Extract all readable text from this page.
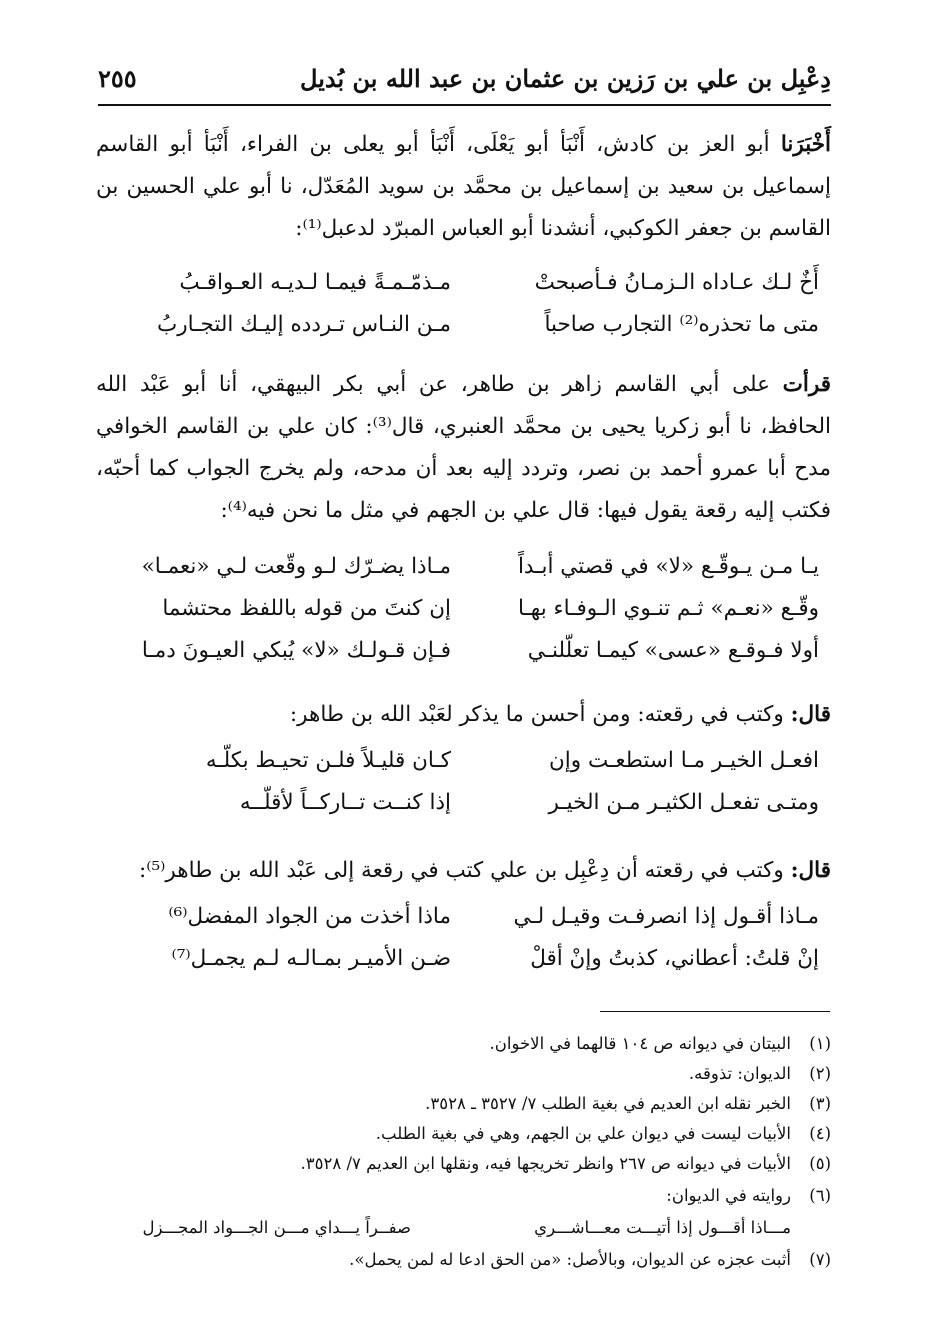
دِعْبِل بن علي بن رَزين بن عثمان بن عبد الله بن بُديل
٢٥٥
أَخْبَرَنا أبو العز بن كادش، أَنْبَأ أبو يَعْلَى، أَنْبَأ أبو يعلى بن الفراء، أَنْبَأ أبو القاسم
إسماعيل بن سعيد بن إسماعيل بن محمَّد بن سويد المُعَدّل، نا أبو علي الحسين بن
القاسم بن جعفر الكوكبي، أنشدنا أبو العباس المبرّد لدعبل⁽¹⁾:
أَخٌ لـك عـاداه الـزمـانُ فـأصبحتْ
مـذمّـمـةً فيمـا لـديـه العـواقـبُ
متى ما تحذره⁽²⁾ التجارب صاحباً
مـن النـاس تـردده إليـك التجـاربُ
قرأت على أبي القاسم زاهر بن طاهر، عن أبي بكر البيهقي، أنا أبو عَبْد الله
الحافظ، نا أبو زكريا يحيى بن محمَّد العنبري، قال⁽³⁾: كان علي بن القاسم الخوافي
مدح أبا عمرو أحمد بن نصر، وتردد إليه بعد أن مدحه، ولم يخرج الجواب كما أحبّه،
فكتب إليه رقعة يقول فيها: قال علي بن الجهم في مثل ما نحن فيه⁽⁴⁾:
يـا مـن يـوقّـع «لا» في قصتي أبـداً
مـاذا يضـرّك لـو وقّعت لـي «نعمـا»
وقّـع «نعـم» ثـم تنـوي الـوفـاء بهـا
إن كنتَ من قوله باللفظ محتشما
أولا فـوقـع «عسى» كيمـا تعلّلنـي
فـإن قـولـك «لا» يُبكي العيـونَ دمـا
قال: وكتب في رقعته: ومن أحسن ما يذكر لعَبْد الله بن طاهر:
افعـل الخيـر مـا استطعـت وإن
كـان قليـلاً فلـن تحيـط بكلّـه
ومتـى تفعـل الكثيـر مـن الخيـر
إذا كنــت تــاركــاً لأقلّــه
قال: وكتب في رقعته أن دِعْبِل بن علي كتب في رقعة إلى عَبْد الله بن طاهر⁽⁵⁾:
مـاذا أقـول إذا انصرفـت وقيـل لـي
ماذا أخذت من الجواد المفضل⁽⁶⁾
إنْ قلتُ: أعطاني، كذبتُ وإنْ أقلْ
ضـن الأميـر بمـالـه لـم يجمـل⁽⁷⁾
(١)
البيتان في ديوانه ص ١٠٤ قالهما في الاخوان.
(٢)
الديوان: تذوقه.
(٣)
الخبر نقله ابن العديم في بغية الطلب ٧/ ٣٥٢٧ ـ ٣٥٢٨.
(٤)
الأبيات ليست في ديوان علي بن الجهم، وهي في بغية الطلب.
(٥)
الأبيات في ديوانه ص ٢٦٧ وانظر تخريجها فيه، ونقلها ابن العديم ٧/ ٣٥٢٨.
(٦)
روايته في الديوان:
مـــاذا أقـــول إذا أتيـــت معـــاشـــري
صفــراً يـــداي مـــن الجـــواد المجـــزل
(٧)
أثبت عجزه عن الديوان، وبالأصل: «من الحق ادعا له لمن يحمل».
